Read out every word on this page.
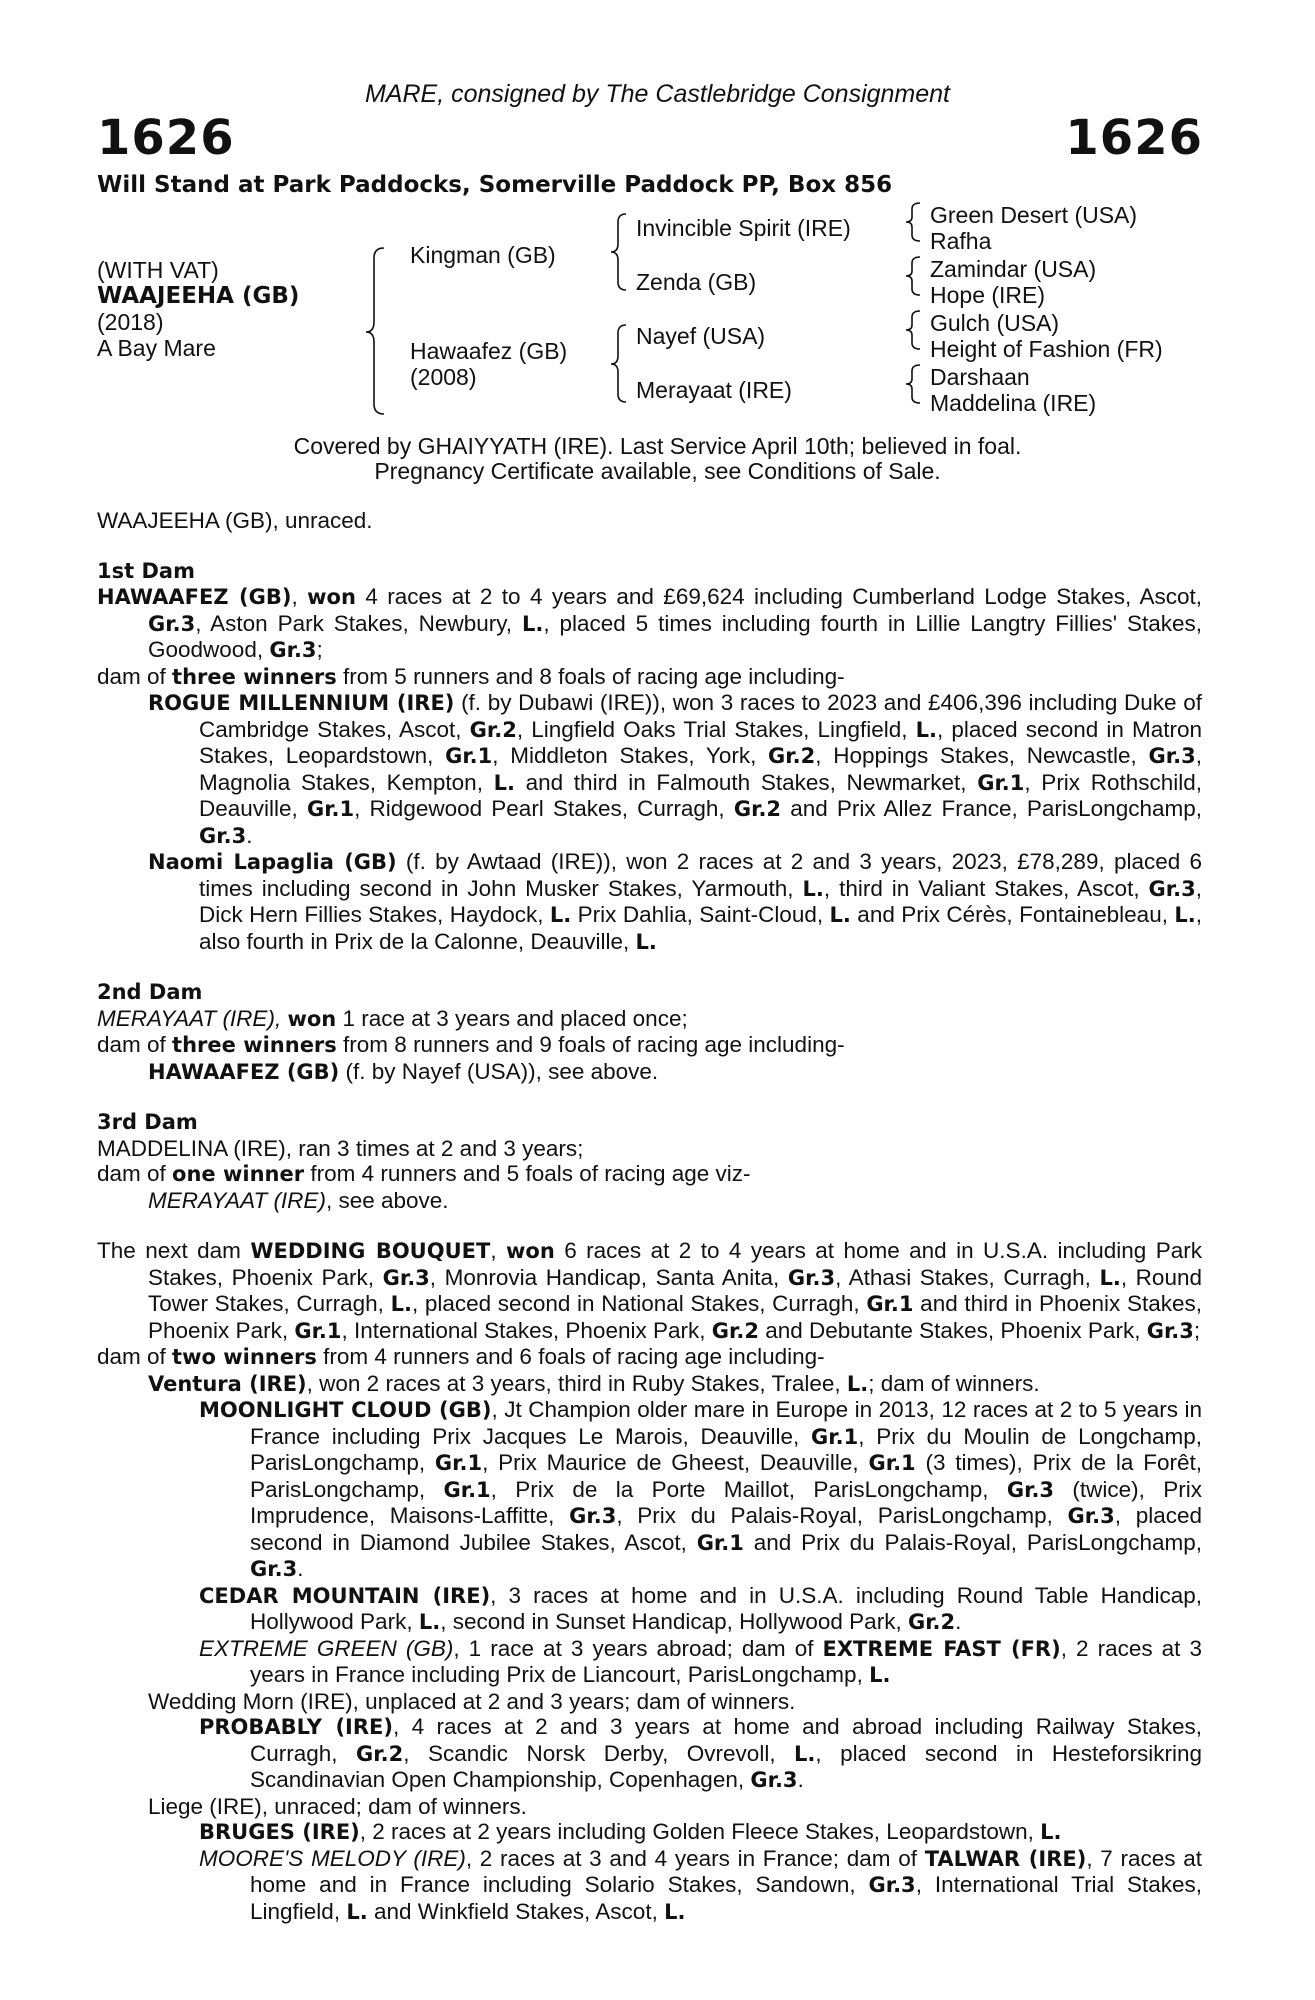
MARE, consigned by The Castlebridge Consignment
1626	1626
Will Stand at Park Paddocks, Somerville Paddock PP, Box 856
(WITH VAT)
WAAJEEHA (GB)
(2018)
A Bay Mare
Kingman (GB)
Hawaafez (GB)
(2008)
Invincible Spirit (IRE)
Zenda (GB)
Nayef (USA)
Merayaat (IRE)
Green Desert (USA)
Rafha
Zamindar (USA)
Hope (IRE)
Gulch (USA)
Height of Fashion (FR)
Darshaan
Maddelina (IRE)
Covered by GHAIYYATH (IRE). Last Service April 10th; believed in foal.
Pregnancy Certificate available, see Conditions of Sale.

WAAJEEHA (GB), unraced.

1st Dam

HAWAAFEZ (GB), won 4 races at 2 to 4 years and £69,624 including Cumberland Lodge Stakes, Ascot, Gr.3, Aston Park Stakes, Newbury, L., placed 5 times including fourth in Lillie Langtry Fillies' Stakes, Goodwood, Gr.3;

dam of three winners from 5 runners and 8 foals of racing age including-

ROGUE MILLENNIUM (IRE) (f. by Dubawi (IRE)), won 3 races to 2023 and £406,396 including Duke of Cambridge Stakes, Ascot, Gr.2, Lingfield Oaks Trial Stakes, Lingfield, L., placed second in Matron Stakes, Leopardstown, Gr.1, Middleton Stakes, York, Gr.2, Hoppings Stakes, Newcastle, Gr.3, Magnolia Stakes, Kempton, L. and third in Falmouth Stakes, Newmarket, Gr.1, Prix Rothschild, Deauville, Gr.1, Ridgewood Pearl Stakes, Curragh, Gr.2 and Prix Allez France, ParisLongchamp, Gr.3.

Naomi Lapaglia (GB) (f. by Awtaad (IRE)), won 2 races at 2 and 3 years, 2023, £78,289, placed 6 times including second in John Musker Stakes, Yarmouth, L., third in Valiant Stakes, Ascot, Gr.3, Dick Hern Fillies Stakes, Haydock, L. Prix Dahlia, Saint-Cloud, L. and Prix Cérès, Fontainebleau, L., also fourth in Prix de la Calonne, Deauville, L.

2nd Dam

MERAYAAT (IRE), won 1 race at 3 years and placed once;

dam of three winners from 8 runners and 9 foals of racing age including-

HAWAAFEZ (GB) (f. by Nayef (USA)), see above.

3rd Dam

MADDELINA (IRE), ran 3 times at 2 and 3 years;

dam of one winner from 4 runners and 5 foals of racing age viz-

MERAYAAT (IRE), see above.

The next dam WEDDING BOUQUET, won 6 races at 2 to 4 years at home and in U.S.A. including Park Stakes, Phoenix Park, Gr.3, Monrovia Handicap, Santa Anita, Gr.3, Athasi Stakes, Curragh, L., Round Tower Stakes, Curragh, L., placed second in National Stakes, Curragh, Gr.1 and third in Phoenix Stakes, Phoenix Park, Gr.1, International Stakes, Phoenix Park, Gr.2 and Debutante Stakes, Phoenix Park, Gr.3;

dam of two winners from 4 runners and 6 foals of racing age including-

Ventura (IRE), won 2 races at 3 years, third in Ruby Stakes, Tralee, L.; dam of winners.

MOONLIGHT CLOUD (GB), Jt Champion older mare in Europe in 2013, 12 races at 2 to 5 years in France including Prix Jacques Le Marois, Deauville, Gr.1, Prix du Moulin de Longchamp, ParisLongchamp, Gr.1, Prix Maurice de Gheest, Deauville, Gr.1 (3 times), Prix de la Forêt, ParisLongchamp, Gr.1, Prix de la Porte Maillot, ParisLongchamp, Gr.3 (twice), Prix Imprudence, Maisons-Laffitte, Gr.3, Prix du Palais-Royal, ParisLongchamp, Gr.3, placed second in Diamond Jubilee Stakes, Ascot, Gr.1 and Prix du Palais-Royal, ParisLongchamp, Gr.3.

CEDAR MOUNTAIN (IRE), 3 races at home and in U.S.A. including Round Table Handicap, Hollywood Park, L., second in Sunset Handicap, Hollywood Park, Gr.2.

EXTREME GREEN (GB), 1 race at 3 years abroad; dam of EXTREME FAST (FR), 2 races at 3 years in France including Prix de Liancourt, ParisLongchamp, L.

Wedding Morn (IRE), unplaced at 2 and 3 years; dam of winners.

PROBABLY (IRE), 4 races at 2 and 3 years at home and abroad including Railway Stakes, Curragh, Gr.2, Scandic Norsk Derby, Ovrevoll, L., placed second in Hesteforsikring Scandinavian Open Championship, Copenhagen, Gr.3.

Liege (IRE), unraced; dam of winners.

BRUGES (IRE), 2 races at 2 years including Golden Fleece Stakes, Leopardstown, L.

MOORE'S MELODY (IRE), 2 races at 3 and 4 years in France; dam of TALWAR (IRE), 7 races at home and in France including Solario Stakes, Sandown, Gr.3, International Trial Stakes, Lingfield, L. and Winkfield Stakes, Ascot, L.
